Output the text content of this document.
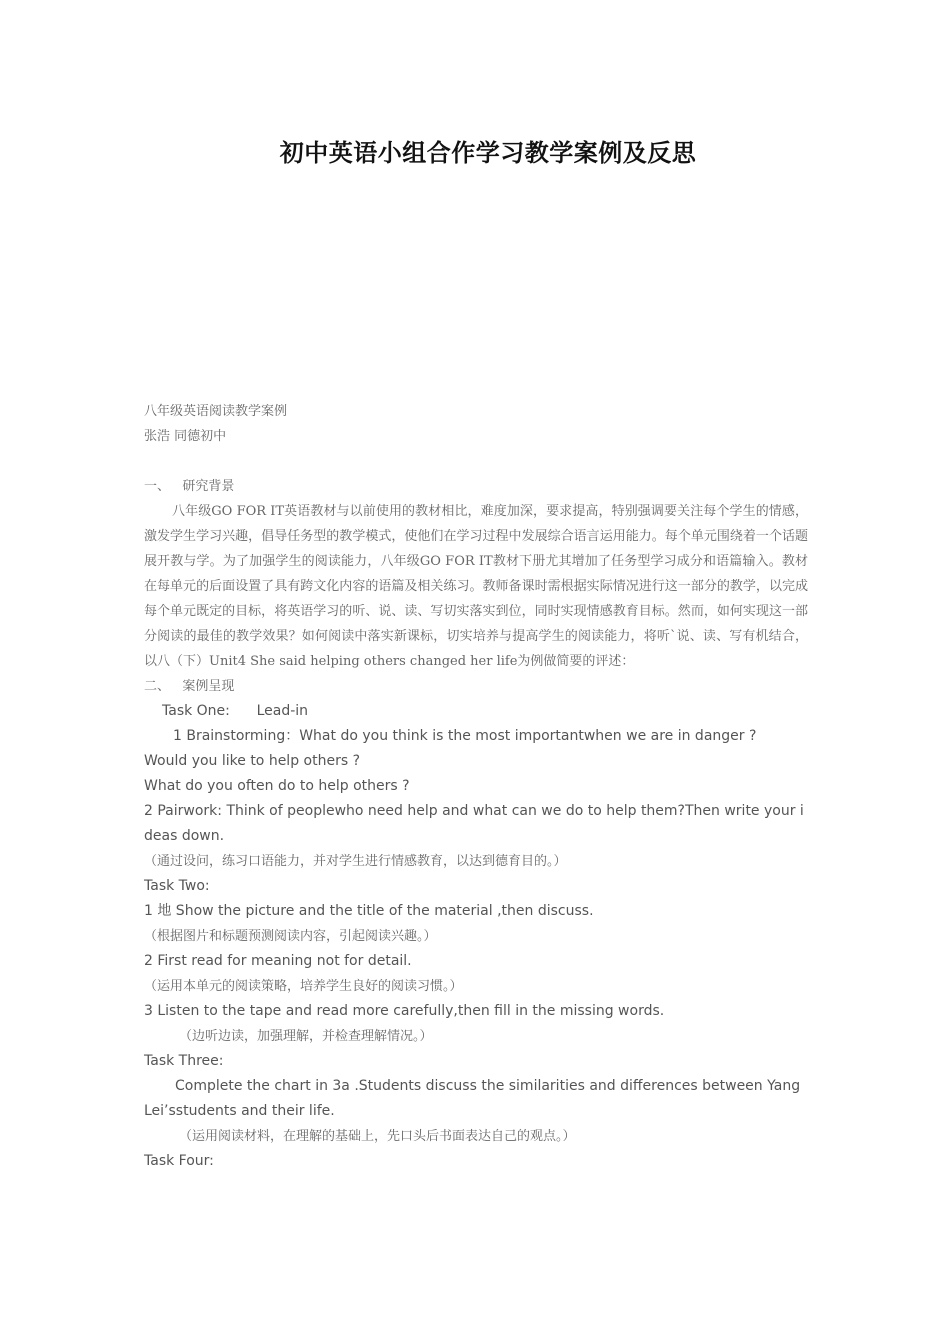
初中英语小组合作学习教学案例及反思

八年级英语阅读教学案例

张浩 同德初中

一、   研究背景

八年级GO FOR IT英语教材与以前使用的教材相比，难度加深，要求提高，特别强调要关注每个学生的情感，激发学生学习兴趣，倡导任务型的教学模式，使他们在学习过程中发展综合语言运用能力。每个单元围绕着一个话题展开教与学。为了加强学生的阅读能力，八年级GO FOR IT教材下册尤其增加了任务型学习成分和语篇输入。教材在每单元的后面设置了具有跨文化内容的语篇及相关练习。教师备课时需根据实际情况进行这一部分的教学，以完成每个单元既定的目标，将英语学习的听、说、读、写切实落实到位，同时实现情感教育目标。然而，如何实现这一部分阅读的最佳的教学效果？如何阅读中落实新课标，切实培养与提高学生的阅读能力，将听`说、读、写有机结合，以八（下）Unit4 She said helping others changed her life为例做简要的评述：

二、   案例呈现

Task One:      Lead-in

1 Brainstorming：What do you think is the most importantwhen we are in danger ?

Would you like to help others ?

What do you often do to help others ?

2 Pairwork: Think of peoplewho need help and what can we do to help them?Then write your ideas down.

（通过设问，练习口语能力，并对学生进行情感教育，以达到德育目的。）

Task Two:

1 地 Show the picture and the title of the material ,then discuss.

（根据图片和标题预测阅读内容，引起阅读兴趣。）

2 First read for meaning not for detail.

（运用本单元的阅读策略，培养学生良好的阅读习惯。）

3 Listen to the tape and read more carefully,then fill in the missing words.

（边听边读，加强理解，并检查理解情况。）

Task Three:

Complete the chart in 3a .Students discuss the similarities and differences between Yang Lei’sstudents and their life.

（运用阅读材料，在理解的基础上，先口头后书面表达自己的观点。）

Task Four:
